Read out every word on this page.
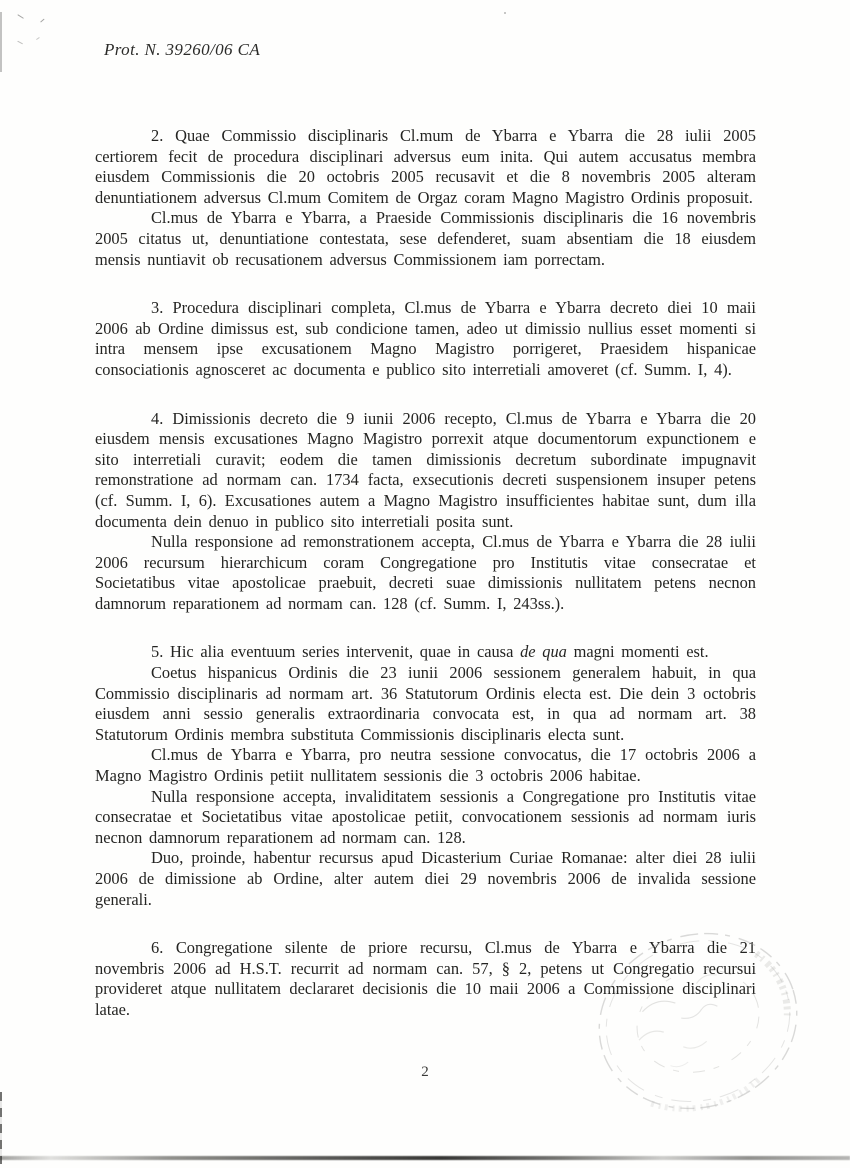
Prot. N. 39260/06 CA

2. Quae Commissio disciplinaris Cl.mum de Ybarra e Ybarra die 28 iulii 2005 certiorem fecit de procedura disciplinari adversus eum inita. Qui autem accusatus membra eiusdem Commissionis die 20 octobris 2005 recusavit et die 8 novembris 2005 alteram denuntiationem adversus Cl.mum Comitem de Orgaz coram Magno Magistro Ordinis proposuit.

Cl.mus de Ybarra e Ybarra, a Praeside Commissionis disciplinaris die 16 novembris 2005 citatus ut, denuntiatione contestata, sese defenderet, suam absentiam die 18 eiusdem mensis nuntiavit ob recusationem adversus Commissionem iam porrectam.

3. Procedura disciplinari completa, Cl.mus de Ybarra e Ybarra decreto diei 10 maii 2006 ab Ordine dimissus est, sub condicione tamen, adeo ut dimissio nullius esset momenti si intra mensem ipse excusationem Magno Magistro porrigeret, Praesidem hispanicae consociationis agnosceret ac documenta e publico sito interretiali amoveret (cf. Summ. I, 4).

4. Dimissionis decreto die 9 iunii 2006 recepto, Cl.mus de Ybarra e Ybarra die 20 eiusdem mensis excusationes Magno Magistro porrexit atque documentorum expunctionem e sito interretiali curavit; eodem die tamen dimissionis decretum subordinate impugnavit remonstratione ad normam can. 1734 facta, exsecutionis decreti suspensionem insuper petens (cf. Summ. I, 6). Excusationes autem a Magno Magistro insufficientes habitae sunt, dum illa documenta dein denuo in publico sito interretiali posita sunt.

Nulla responsione ad remonstrationem accepta, Cl.mus de Ybarra e Ybarra die 28 iulii 2006 recursum hierarchicum coram Congregatione pro Institutis vitae consecratae et Societatibus vitae apostolicae praebuit, decreti suae dimissionis nullitatem petens necnon damnorum reparationem ad normam can. 128 (cf. Summ. I, 243ss.).

5. Hic alia eventuum series intervenit, quae in causa de qua magni momenti est.

Coetus hispanicus Ordinis die 23 iunii 2006 sessionem generalem habuit, in qua Commissio disciplinaris ad normam art. 36 Statutorum Ordinis electa est. Die dein 3 octobris eiusdem anni sessio generalis extraordinaria convocata est, in qua ad normam art. 38 Statutorum Ordinis membra substituta Commissionis disciplinaris electa sunt.

Cl.mus de Ybarra e Ybarra, pro neutra sessione convocatus, die 17 octobris 2006 a Magno Magistro Ordinis petiit nullitatem sessionis die 3 octobris 2006 habitae.

Nulla responsione accepta, invaliditatem sessionis a Congregatione pro Institutis vitae consecratae et Societatibus vitae apostolicae petiit, convocationem sessionis ad normam iuris necnon damnorum reparationem ad normam can. 128.

Duo, proinde, habentur recursus apud Dicasterium Curiae Romanae: alter diei 28 iulii 2006 de dimissione ab Ordine, alter autem diei 29 novembris 2006 de invalida sessione generali.

6. Congregatione silente de priore recursu, Cl.mus de Ybarra e Ybarra die 21 novembris 2006 ad H.S.T. recurrit ad normam can. 57, § 2, petens ut Congregatio recursui provideret atque nullitatem declararet decisionis die 10 maii 2006 a Commissione disciplinari latae.

2
